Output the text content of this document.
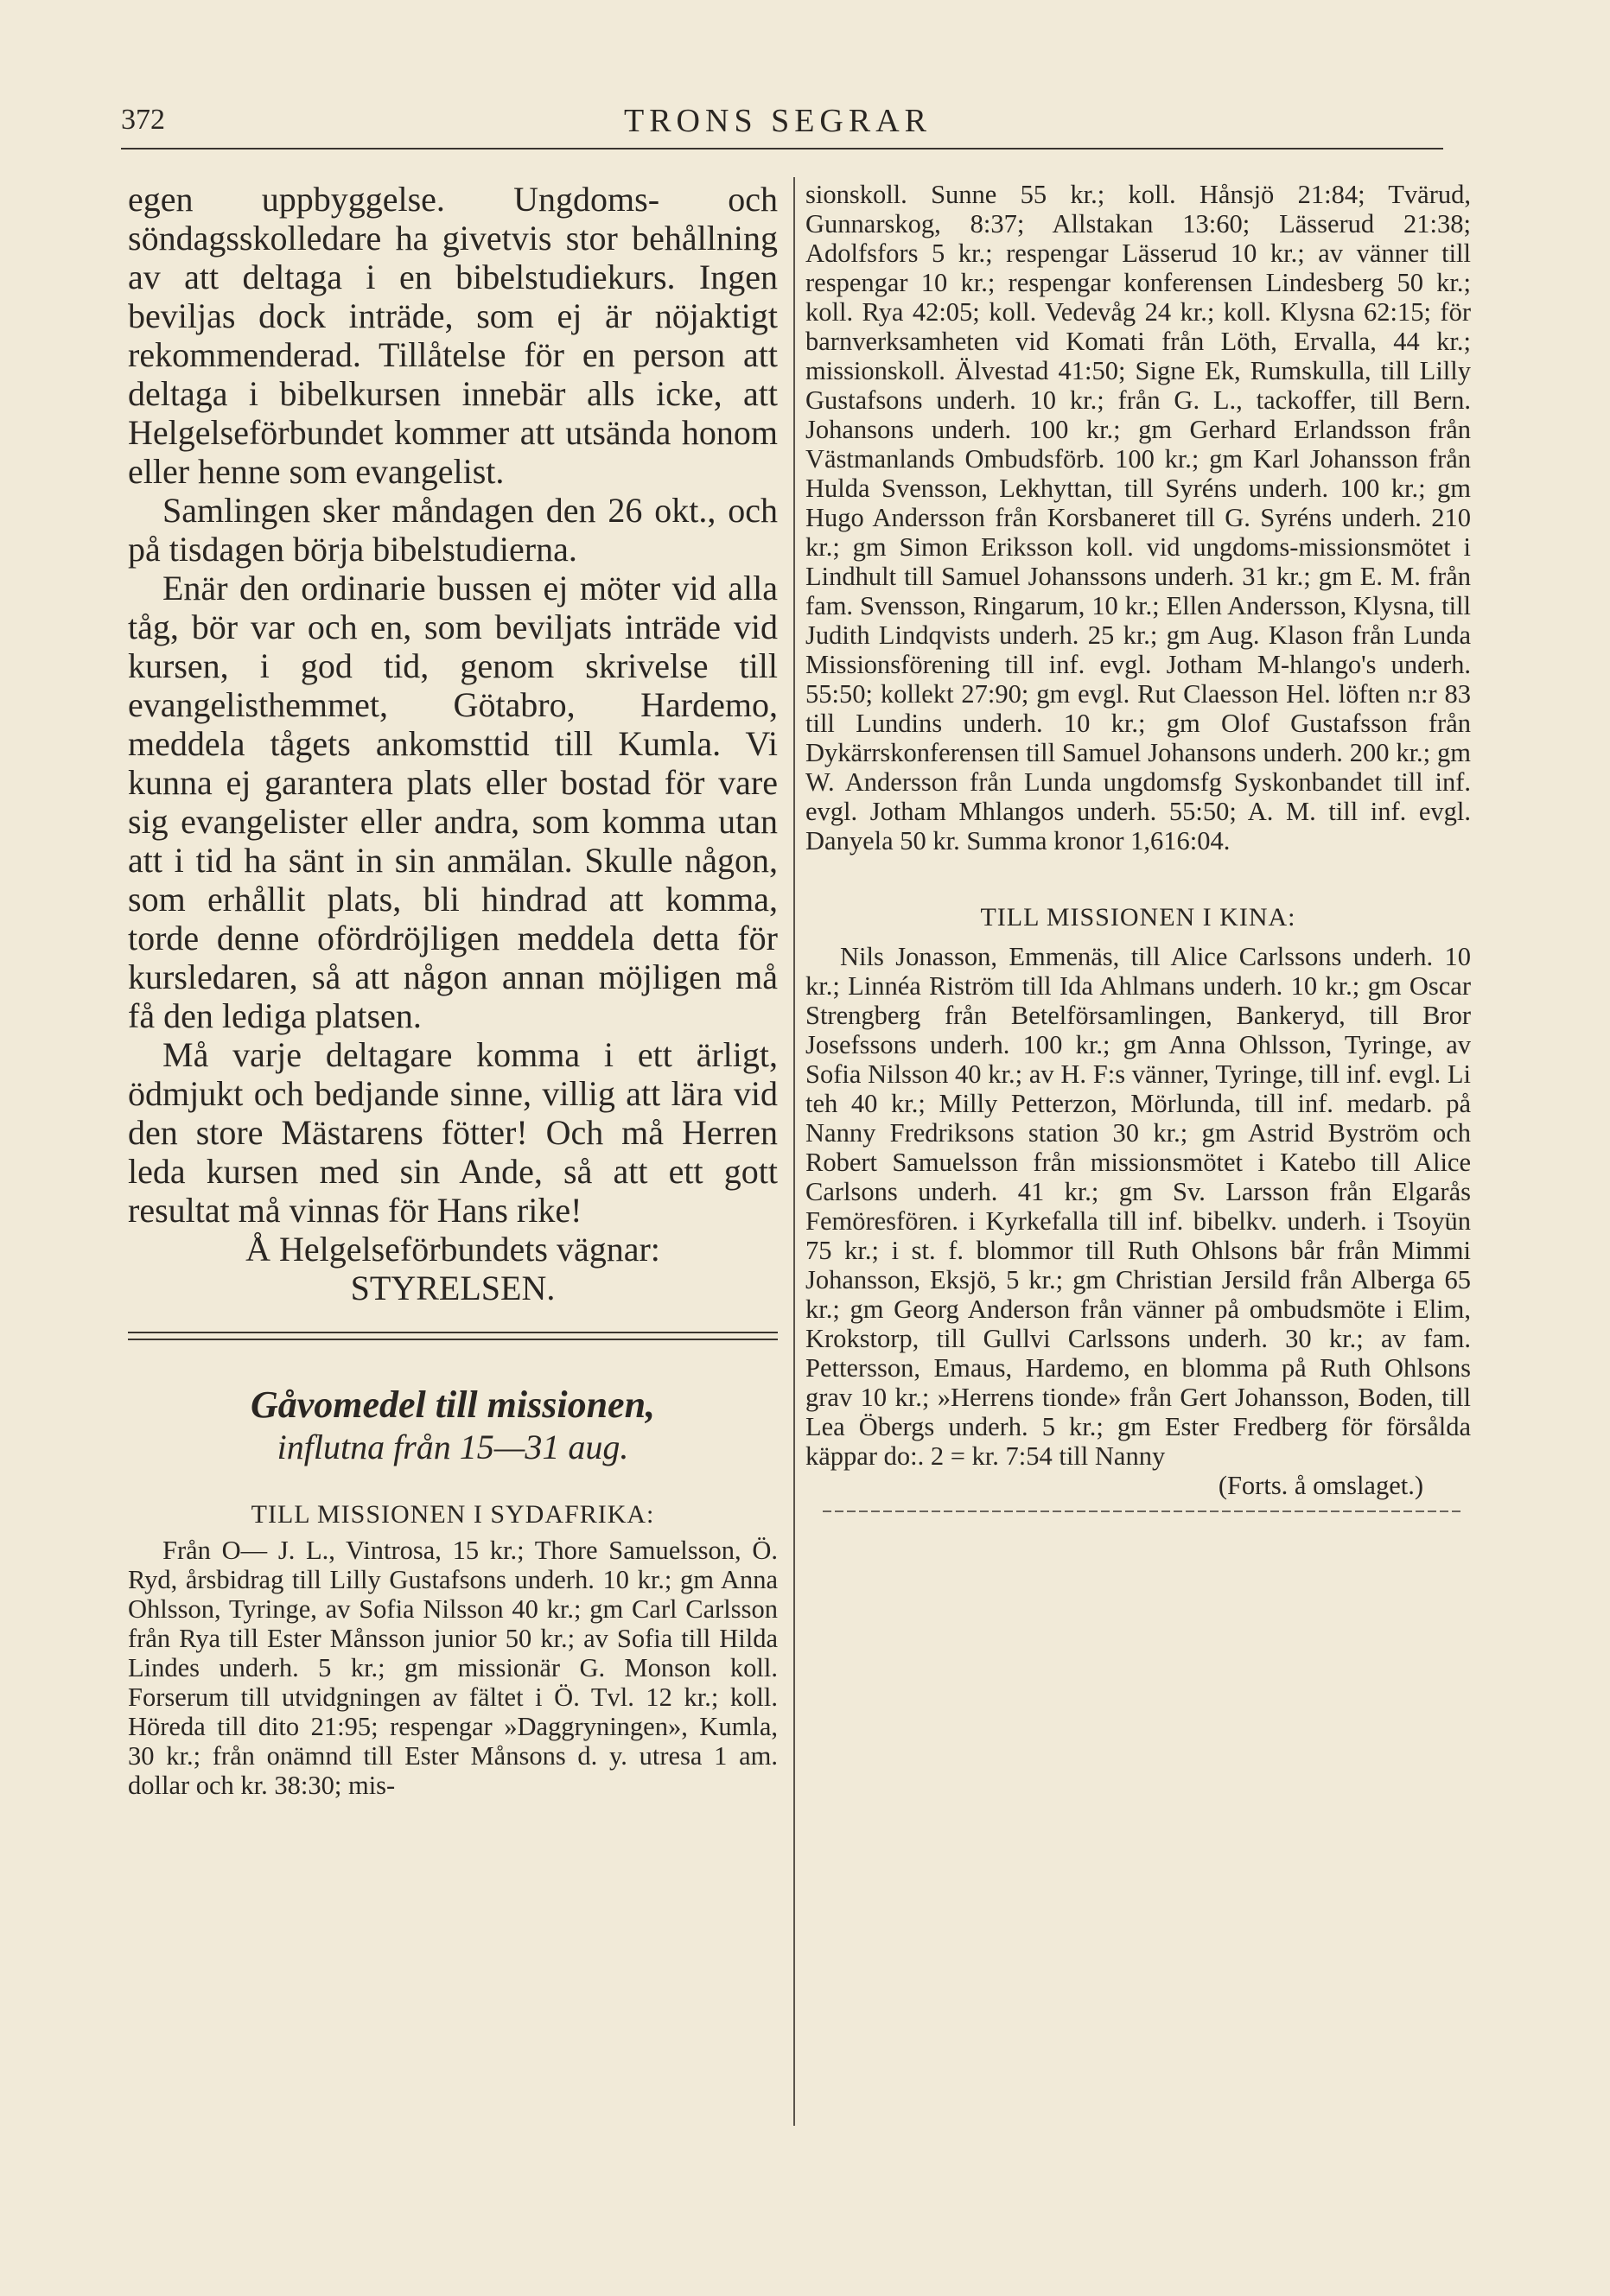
372	TRONS SEGRAR

egen uppbyggelse. Ungdoms- och söndagsskolledare ha givetvis stor behållning av att deltaga i en bibelstudiekurs. Ingen beviljas dock inträde, som ej är nöjaktigt rekommenderad. Tillåtelse för en person att deltaga i bibelkursen innebär alls icke, att Helgelseförbundet kommer att utsända honom eller henne som evangelist.

Samlingen sker måndagen den 26 okt., och på tisdagen börja bibelstudierna.

Enär den ordinarie bussen ej möter vid alla tåg, bör var och en, som beviljats inträde vid kursen, i god tid, genom skrivelse till evangelisthemmet, Götabro, Hardemo, meddela tågets ankomsttid till Kumla. Vi kunna ej garantera plats eller bostad för vare sig evangelister eller andra, som komma utan att i tid ha sänt in sin anmälan. Skulle någon, som erhållit plats, bli hindrad att komma, torde denne ofördröjligen meddela detta för kursledaren, så att någon annan möjligen må få den lediga platsen.

Må varje deltagare komma i ett ärligt, ödmjukt och bedjande sinne, villig att lära vid den store Mästarens fötter! Och må Herren leda kursen med sin Ande, så att ett gott resultat må vinnas för Hans rike!

Å Helgelseförbundets vägnar:

STYRELSEN.

Gåvomedel till missionen,
influtna från 15—31 aug.
TILL MISSIONEN I SYDAFRIKA:

Från O— J. L., Vintrosa, 15 kr.; Thore Samuelsson, Ö. Ryd, årsbidrag till Lilly Gustafsons underh. 10 kr.; gm Anna Ohlsson, Tyringe, av Sofia Nilsson 40 kr.; gm Carl Carlsson från Rya till Ester Månsson junior 50 kr.; av Sofia till Hilda Lindes underh. 5 kr.; gm missionär G. Monson koll. Forserum till utvidgningen av fältet i Ö. Tvl. 12 kr.; koll. Höreda till dito 21:95; respengar »Daggryningen», Kumla, 30 kr.; från onämnd till Ester Månsons d. y. utresa 1 am. dollar och kr. 38:30; mis-

sionskoll. Sunne 55 kr.; koll. Hånsjö 21:84; Tvärud, Gunnarskog, 8:37; Allstakan 13:60; Lässerud 21:38; Adolfsfors 5 kr.; respengar Lässerud 10 kr.; av vänner till respengar 10 kr.; respengar konferensen Lindesberg 50 kr.; koll. Rya 42:05; koll. Vedevåg 24 kr.; koll. Klysna 62:15; för barnverksamheten vid Komati från Löth, Ervalla, 44 kr.; missionskoll. Älvestad 41:50; Signe Ek, Rumskulla, till Lilly Gustafsons underh. 10 kr.; från G. L., tackoffer, till Bern. Johansons underh. 100 kr.; gm Gerhard Erlandsson från Västmanlands Ombudsförb. 100 kr.; gm Karl Johansson från Hulda Svensson, Lekhyttan, till Syréns underh. 100 kr.; gm Hugo Andersson från Korsbaneret till G. Syréns underh. 210 kr.; gm Simon Eriksson koll. vid ungdoms-missionsmötet i Lindhult till Samuel Johanssons underh. 31 kr.; gm E. M. från fam. Svensson, Ringarum, 10 kr.; Ellen Andersson, Klysna, till Judith Lindqvists underh. 25 kr.; gm Aug. Klason från Lunda Missionsförening till inf. evgl. Jotham M-hlango's underh. 55:50; kollekt 27:90; gm evgl. Rut Claesson Hel. löften n:r 83 till Lundins underh. 10 kr.; gm Olof Gustafsson från Dykärrskonferensen till Samuel Johansons underh. 200 kr.; gm W. Andersson från Lunda ungdomsfg Syskonbandet till inf. evgl. Jotham Mhlangos underh. 55:50; A. M. till inf. evgl. Danyela 50 kr. Summa kronor 1,616:04.

TILL MISSIONEN I KINA:

Nils Jonasson, Emmenäs, till Alice Carlssons underh. 10 kr.; Linnéa Riström till Ida Ahlmans underh. 10 kr.; gm Oscar Strengberg från Betelförsamlingen, Bankeryd, till Bror Josefssons underh. 100 kr.; gm Anna Ohlsson, Tyringe, av Sofia Nilsson 40 kr.; av H. F:s vänner, Tyringe, till inf. evgl. Li teh 40 kr.; Milly Petterzon, Mörlunda, till inf. medarb. på Nanny Fredriksons station 30 kr.; gm Astrid Byström och Robert Samuelsson från missionsmötet i Katebo till Alice Carlsons underh. 41 kr.; gm Sv. Larsson från Elgarås Femöresfören. i Kyrkefalla till inf. bibelkv. underh. i Tsoyün 75 kr.; i st. f. blommor till Ruth Ohlsons bår från Mimmi Johansson, Eksjö, 5 kr.; gm Christian Jersild från Alberga 65 kr.; gm Georg Anderson från vänner på ombudsmöte i Elim, Krokstorp, till Gullvi Carlssons underh. 30 kr.; av fam. Pettersson, Emaus, Hardemo, en blomma på Ruth Ohlsons grav 10 kr.; »Herrens tionde» från Gert Johansson, Boden, till Lea Öbergs underh. 5 kr.; gm Ester Fredberg för försålda käppar do:. 2 = kr. 7:54 till Nanny

(Forts. å omslaget.)
